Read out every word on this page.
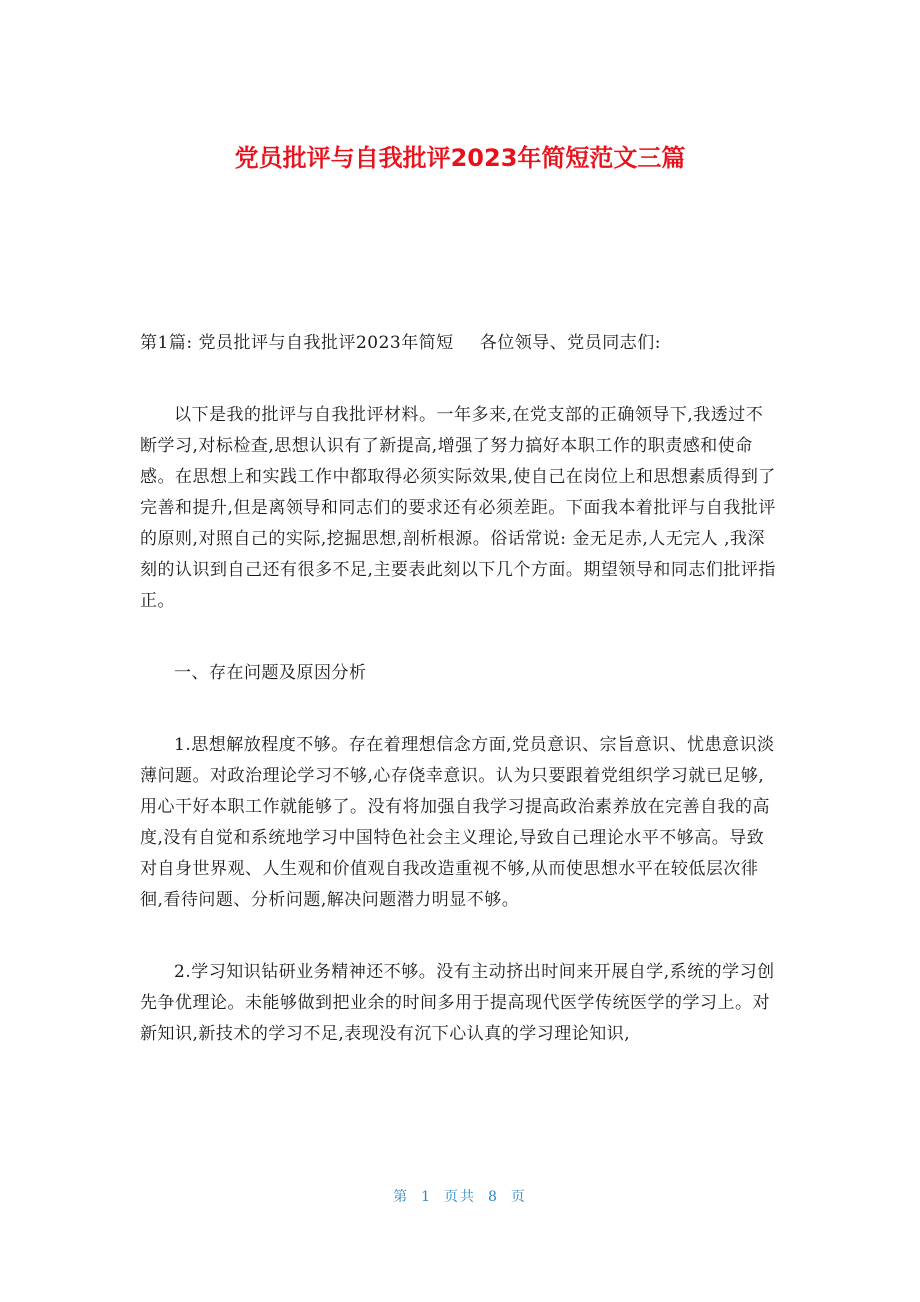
党员批评与自我批评2023年简短范文三篇

第1篇: 党员批评与自我批评2023年简短 各位领导、党员同志们:

以下是我的批评与自我批评材料。一年多来,在党支部的正确领导下,我透过不断学习,对标检查,思想认识有了新提高,增强了努力搞好本职工作的职责感和使命感。在思想上和实践工作中都取得必须实际效果,使自己在岗位上和思想素质得到了完善和提升,但是离领导和同志们的要求还有必须差距。下面我本着批评与自我批评的原则,对照自己的实际,挖掘思想,剖析根源。俗话常说: 金无足赤,人无完人 ,我深刻的认识到自己还有很多不足,主要表此刻以下几个方面。期望领导和同志们批评指正。

一、存在问题及原因分析

1.思想解放程度不够。存在着理想信念方面,党员意识、宗旨意识、忧患意识淡薄问题。对政治理论学习不够,心存侥幸意识。认为只要跟着党组织学习就已足够,用心干好本职工作就能够了。没有将加强自我学习提高政治素养放在完善自我的高度,没有自觉和系统地学习中国特色社会主义理论,导致自己理论水平不够高。导致对自身世界观、人生观和价值观自我改造重视不够,从而使思想水平在较低层次徘徊,看待问题、分析问题,解决问题潜力明显不够。

2.学习知识钻研业务精神还不够。没有主动挤出时间来开展自学,系统的学习创先争优理论。未能够做到把业余的时间多用于提高现代医学传统医学的学习上。对新知识,新技术的学习不足,表现没有沉下心认真的学习理论知识,

第 1 页共 8 页
